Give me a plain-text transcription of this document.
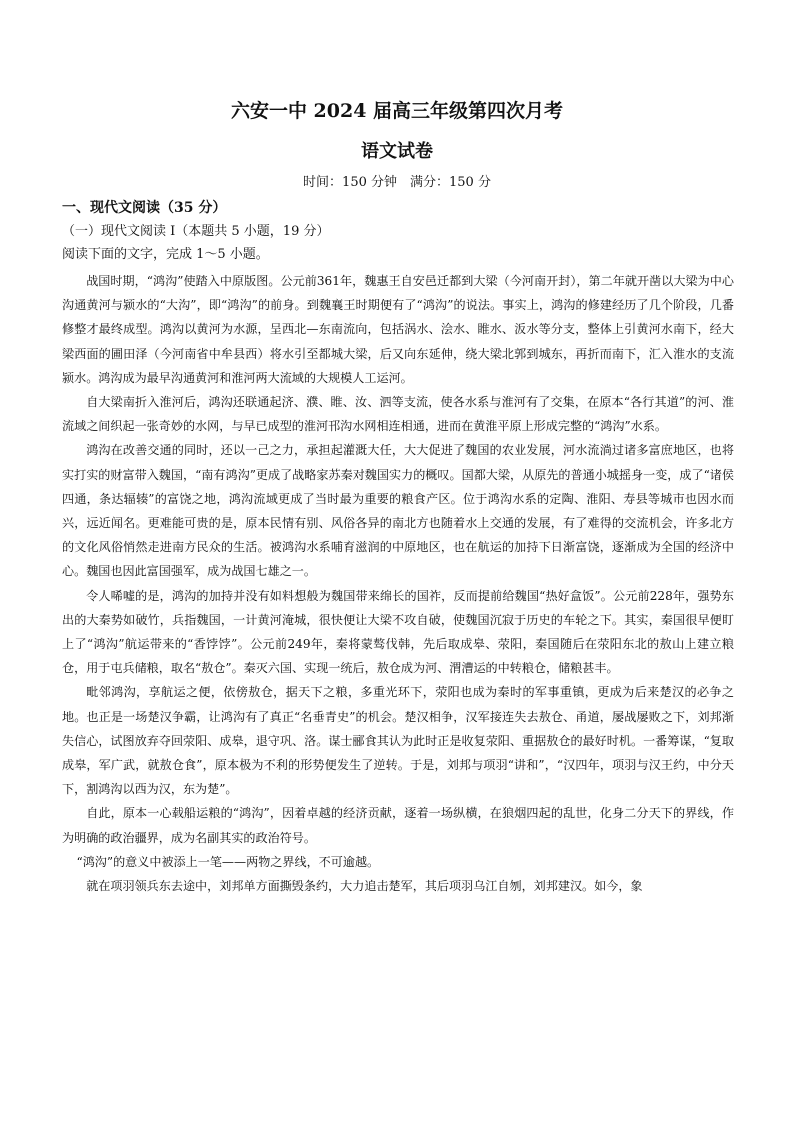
六安一中 2024 届高三年级第四次月考
语文试卷
时间：150 分钟　满分：150 分
一、现代文阅读（35 分）
（一）现代文阅读 I（本题共 5 小题，19 分）
阅读下面的文字，完成 1～5 小题。

战国时期，“鸿沟”使踏入中原版图。公元前361年，魏惠王自安邑迁都到大梁（今河南开封），第二年就开凿以大梁为中心沟通黄河与颍水的“大沟”，即“鸿沟”的前身。到魏襄王时期便有了“鸿沟”的说法。事实上，鸿沟的修建经历了几个阶段，几番修整才最终成型。鸿沟以黄河为水源，呈西北—东南流向，包括涡水、浍水、睢水、汳水等分支，整体上引黄河水南下，经大梁西面的圃田泽（今河南省中牟县西）将水引至都城大梁，后又向东延伸，绕大梁北郭到城东，再折而南下，汇入淮水的支流颍水。鸿沟成为最早沟通黄河和淮河两大流域的大规模人工运河。

自大梁南折入淮河后，鸿沟还联通起济、濮、睢、汝、泗等支流，使各水系与淮河有了交集，在原本“各行其道”的河、淮流域之间织起一张奇妙的水网，与早已成型的淮河邗沟水网相连相通，进而在黄淮平原上形成完整的“鸿沟”水系。

鸿沟在改善交通的同时，还以一己之力，承担起灌溉大任，大大促进了魏国的农业发展，河水流淌过诸多富庶地区，也将实打实的财富带入魏国，“南有鸿沟”更成了战略家苏秦对魏国实力的概叹。国都大梁，从原先的普通小城摇身一变，成了“诸侯四通，条达辐辏”的富饶之地，鸿沟流域更成了当时最为重要的粮食产区。位于鸿沟水系的定陶、淮阳、寿县等城市也因水而兴，远近闻名。更难能可贵的是，原本民情有别、风俗各异的南北方也随着水上交通的发展，有了难得的交流机会，许多北方的文化风俗悄然走进南方民众的生活。被鸿沟水系哺育滋润的中原地区，也在航运的加持下日渐富饶，逐渐成为全国的经济中心。魏国也因此富国强军，成为战国七雄之一。

令人唏嘘的是，鸿沟的加持并没有如料想般为魏国带来绵长的国祚，反而提前给魏国“热好盒饭”。公元前228年，强势东出的大秦势如破竹，兵指魏国，一计黄河淹城，很快便让大梁不攻自破，使魏国沉寂于历史的车轮之下。其实，秦国很早便盯上了“鸿沟”航运带来的“香饽饽”。公元前249年，秦将蒙骜伐韩，先后取成皋、荥阳，秦国随后在荥阳东北的敖山上建立粮仓，用于屯兵储粮，取名“敖仓”。秦灭六国、实现一统后，敖仓成为河、渭漕运的中转粮仓，储粮甚丰。

毗邻鸿沟，享航运之便，依傍敖仓，据天下之粮，多重光环下，荥阳也成为秦时的军事重镇，更成为后来楚汉的必争之地。也正是一场楚汉争霸，让鸿沟有了真正“名垂青史”的机会。楚汉相争，汉军接连失去敖仓、甬道，屡战屡败之下，刘邦渐失信心，试图放弃夺回荥阳、成皋，退守巩、洛。谋士郦食其认为此时正是收复荥阳、重据敖仓的最好时机。一番筹谋，“复取成皋，军广武，就敖仓食”，原本极为不利的形势便发生了逆转。于是，刘邦与项羽“讲和”，“汉四年，项羽与汉王约，中分天下，割鸿沟以西为汉，东为楚”。

自此，原本一心载船运粮的“鸿沟”，因着卓越的经济贡献，逐着一场纵横，在狼烟四起的乱世，化身二分天下的界线，作为明确的政治疆界，成为名副其实的政治符号。

“鸿沟”的意义中被添上一笔——两物之界线，不可逾越。

就在项羽领兵东去途中，刘邦单方面撕毁条约，大力追击楚军，其后项羽乌江自刎，刘邦建汉。如今，象
